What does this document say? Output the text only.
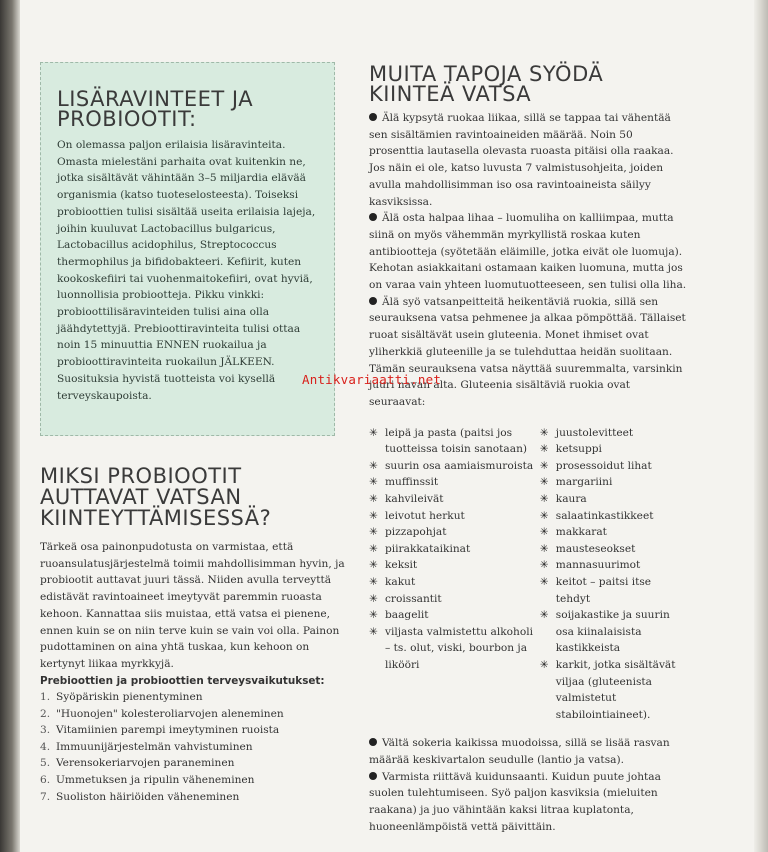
LISÄRAVINTEET JA
PROBIOOTIT:

On olemassa paljon erilaisia lisäravinteita. Omasta mielestäni parhaita ovat kuitenkin ne, jotka sisältävät vähintään 3–5 miljardia elävää organismia (katso tuoteselosteesta). Toiseksi probioottien tulisi sisältää useita erilaisia lajeja, joihin kuuluvat Lactobacillus bulgaricus, Lactobacillus acidophilus, Streptococcus thermophilus ja bifidobakteeri. Kefiirit, kuten kookoskefiiri tai vuohenmaitokefiiri, ovat hyviä, luonnollisia probiootteja. Pikku vinkki: probioottilisäravinteiden tulisi aina olla jäähdytettyjä. Prebioottiravinteita tulisi ottaa noin 15 minuuttia ENNEN ruokailua ja probioottiravinteita ruokailun JÄLKEEN. Suosituksia hyvistä tuotteista voi kysellä terveyskaupoista.

MIKSI PROBIOOTIT
AUTTAVAT VATSAN
KIINTEYTTÄMISESSÄ?

Tärkeä osa painonpudotusta on varmistaa, että ruoansulatusjärjestelmä toimii mahdollisimman hyvin, ja probiootit auttavat juuri tässä. Niiden avulla terveyttä edistävät ravintoaineet imeytyvät paremmin ruoasta kehoon. Kannattaa siis muistaa, että vatsa ei pienene, ennen kuin se on niin terve kuin se vain voi olla. Painon pudottaminen on aina yhtä tuskaa, kun kehoon on kertynyt liikaa myrkkyjä.

Prebioottien ja probioottien terveysvaikutukset:
1. Syöpäriskin pienentyminen
2. "Huonojen" kolesteroliarvojen aleneminen
3. Vitamiinien parempi imeytyminen ruoista
4. Immuunijärjestelmän vahvistuminen
5. Verensokeriarvojen paraneminen
6. Ummetuksen ja ripulin väheneminen
7. Suoliston häiriöiden väheneminen
MUITA TAPOJA SYÖDÄ
KIINTEÄ VATSA

Älä kypsytä ruokaa liikaa, sillä se tappaa tai vähentää sen sisältämien ravintoaineiden määrää. Noin 50 prosenttia lautasella olevasta ruoasta pitäisi olla raakaa. Jos näin ei ole, katso luvusta 7 valmistusohjeita, joiden avulla mahdollisimman iso osa ravintoaineista säilyy kasviksissa.

Älä osta halpaa lihaa – luomuliha on kalliimpaa, mutta siinä on myös vähemmän myrkyllistä roskaa kuten antibiootteja (syötetään eläimille, jotka eivät ole luomuja). Kehotan asiakkaitani ostamaan kaiken luomuna, mutta jos on varaa vain yhteen luomutuotteeseen, sen tulisi olla liha.

Älä syö vatsanpeitteitä heikentäviä ruokia, sillä sen seurauksena vatsa pehmenee ja alkaa pömpöttää. Tällaiset ruoat sisältävät usein gluteenia. Monet ihmiset ovat yliherkkiä gluteenille ja se tulehduttaa heidän suolitaan. Tämän seurauksena vatsa näyttää suuremmalta, varsinkin juuri navan alta. Gluteenia sisältäviä ruokia ovat seuraavat:

✳ leipä ja pasta (paitsi jos tuotteissa toisin sanotaan)
✳ suurin osa aamiaismuroista
✳ muffinssit
✳ kahvileivät
✳ leivotut herkut
✳ pizzapohjat
✳ piirakkataikinat
✳ keksit
✳ kakut
✳ croissantit
✳ baagelit
✳ viljasta valmistettu alkoholi – ts. olut, viski, bourbon ja likööri
✳ juustolevitteet
✳ ketsuppi
✳ prosessoidut lihat
✳ margariini
✳ kaura
✳ salaatinkastikkeet
✳ makkarat
✳ mausteseokset
✳ mannasuurimot
✳ keitot – paitsi itse tehdyt
✳ soijakastike ja suurin osa kiinalaisista kastikkeista
✳ karkit, jotka sisältävät viljaa (gluteenista valmistetut stabilointiaineet).

Vältä sokeria kaikissa muodoissa, sillä se lisää rasvan määrää keskivartalon seudulle (lantio ja vatsa).

Varmista riittävä kuidunsaanti. Kuidun puute johtaa suolen tulehtumiseen. Syö paljon kasviksia (mieluiten raakana) ja juo vähintään kaksi litraa kuplatonta, huoneenlämpöistä vettä päivittäin.

Antikvariaatti.net
